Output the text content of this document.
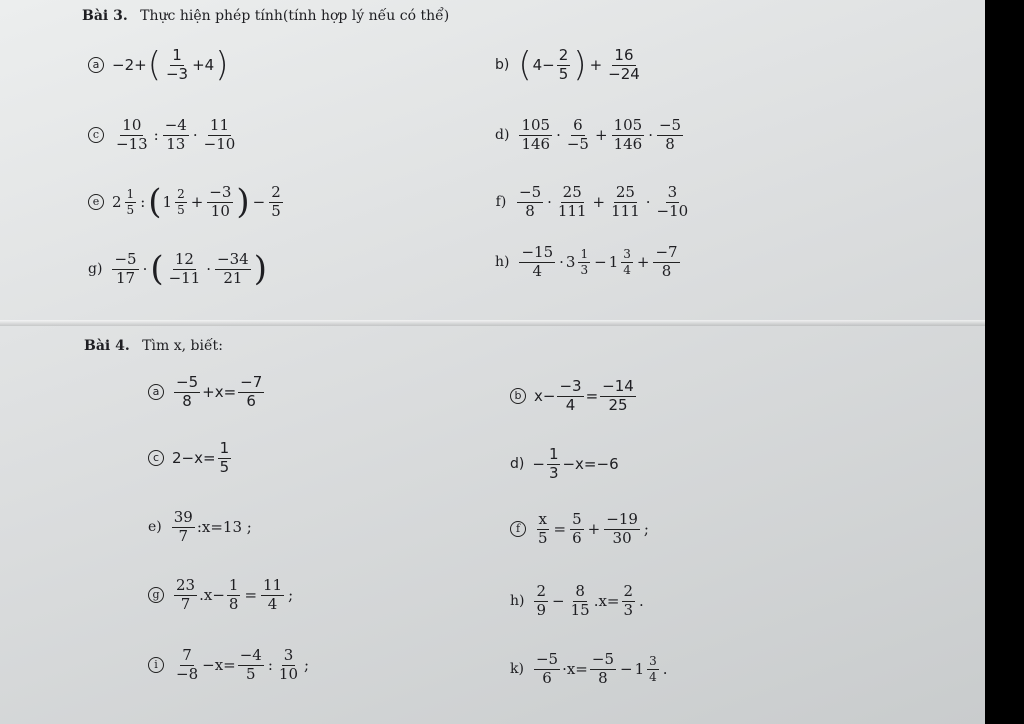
Bài 3. Thực hiện phép tính(tính hợp lý nếu có thể)
a −2+ ( $\frac{1}{-3} +4$ )	b) ( $4- \frac{2}{5}$ ) + $\frac{16}{-24}$
c $\frac{10}{-13}$ : $\frac{-4}{13} \cdot \frac{11}{-10}$	$d) \frac{105}{146} \cdot \frac{6}{-5} + \frac{105}{146} \cdot \frac{-5}{8}$
e $2 \frac{1}{5}$ : ( $1 \frac{2}{5} + \frac{-3}{10}$ ) − $\frac{2}{5}$	$f) \frac{-5}{8} \cdot \frac{25}{111} + \frac{25}{111} \cdot \frac{3}{-10}$
$g) \frac{-5}{17}$ · ( $\frac{12}{-11} \cdot \frac{-34}{21}$ )	$h) \frac{-15}{4} \cdot 3 \frac{1}{3} - 1 \frac{3}{4} + \frac{-7}{8}$
Bài 4. Tìm x, biết:
a $\frac{-5}{8} +x= \frac{-7}{6}$	b $x- \frac{-3}{4} = \frac{-14}{25}$
c $2-x= \frac{1}{5}$	$d) - \frac{1}{3} -x=-6$
$e) \frac{39}{7}$ :x=13 ;	f	$\frac{x}{5} = \frac{5}{6} + \frac{-19}{30}$ ;
g $\frac{23}{7} .x- \frac{1}{8} = \frac{11}{4}$ ;	$h) \frac{2}{9} - \frac{8}{15} .x= \frac{2}{3}$ .
i	$\frac{7}{-8} -x= \frac{-4}{5}$ : $\frac{3}{10}$ ;	$k) \frac{-5}{6} \cdot x= \frac{-5}{8} - 1 \frac{3}{4}$ .
